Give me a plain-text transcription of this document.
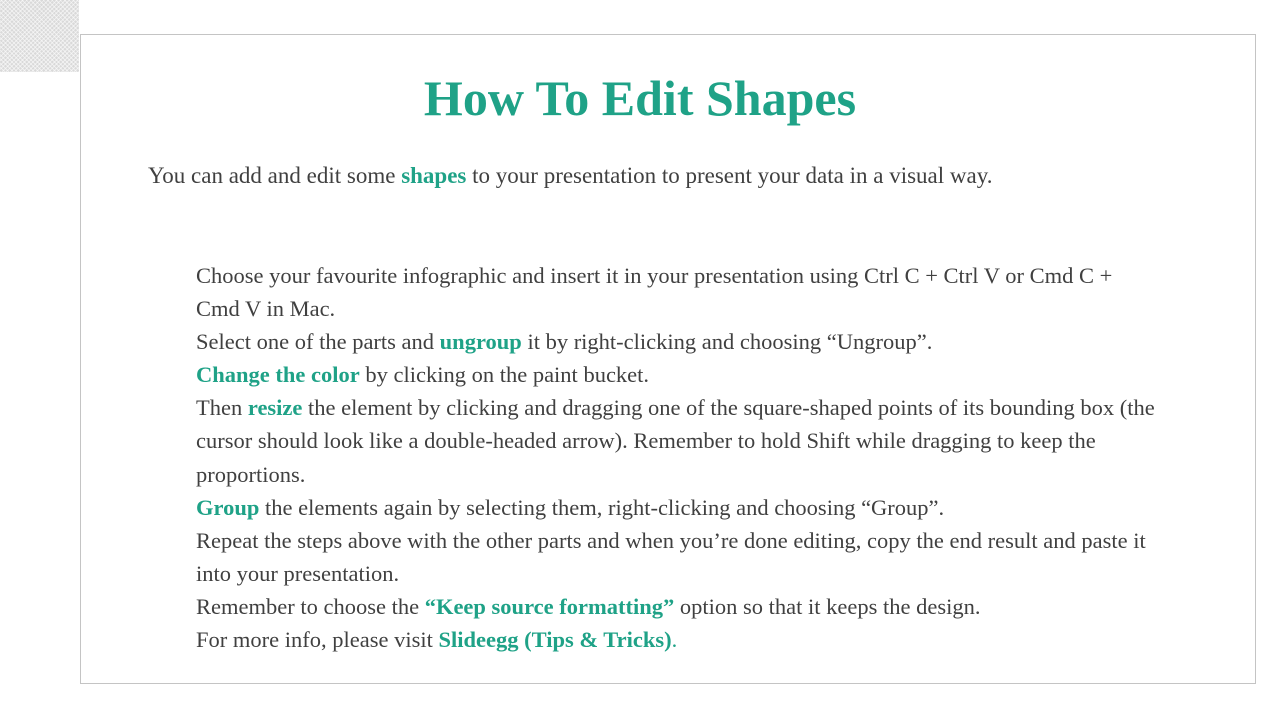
How To Edit Shapes
You can add and edit some shapes to your presentation to present your data in a visual way.

Choose your favourite infographic and insert it in your presentation using Ctrl C + Ctrl V or Cmd C + Cmd V in Mac.

Select one of the parts and ungroup it by right-clicking and choosing “Ungroup”.

Change the color by clicking on the paint bucket.

Then resize the element by clicking and dragging one of the square-shaped points of its bounding box (the cursor should look like a double-headed arrow). Remember to hold Shift while dragging to keep the proportions.

Group the elements again by selecting them, right-clicking and choosing “Group”.

Repeat the steps above with the other parts and when you’re done editing, copy the end result and paste it into your presentation.

Remember to choose the “Keep source formatting” option so that it keeps the design.

For more info, please visit Slideegg (Tips & Tricks).
